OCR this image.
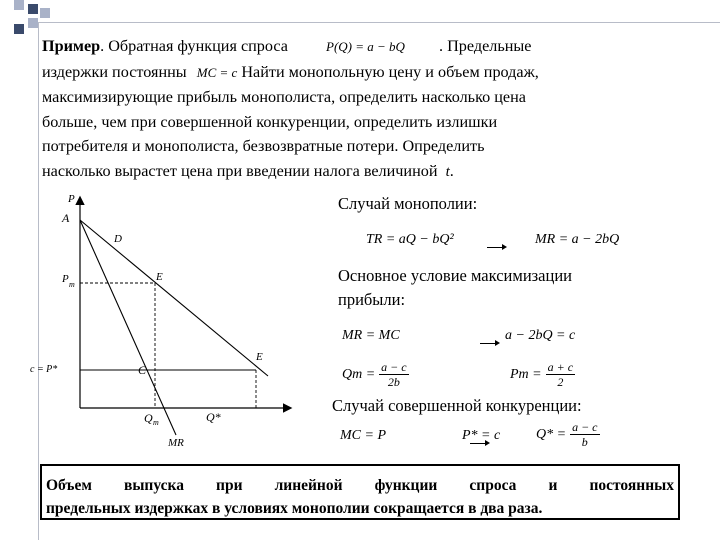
Пример. Обратная функция спроса	P(Q) = a − bQ . Предельные
издержки постоянны MC = c Найти монопольную цену и объем продаж,
максимизирующие прибыль монополиста, определить насколько цена
больше, чем при совершенной конкуренции, определить излишки
потребителя и монополиста, безвозвратные потери. Определить
насколько вырастет цена при введении налога величиной t.
P
A
D
P m
E
c = P*	C
E
Q m	Q*
MR
Случай монополии:
TR = aQ − bQ²
	MR = a − 2bQ
Основное условие максимизации
прибыли:
MR = MC
	a − 2bQ = c
$Qm = \frac{a - c}{2b}$	$Pm = \frac{a + c}{2}$
Случай совершенной конкуренции:
MC = P	P* = c	$Q* = \frac{a - c}{b}$
Объем выпуска при линейной функции спроса и постоянных
предельных издержках в условиях монополии сокращается в два раза.
